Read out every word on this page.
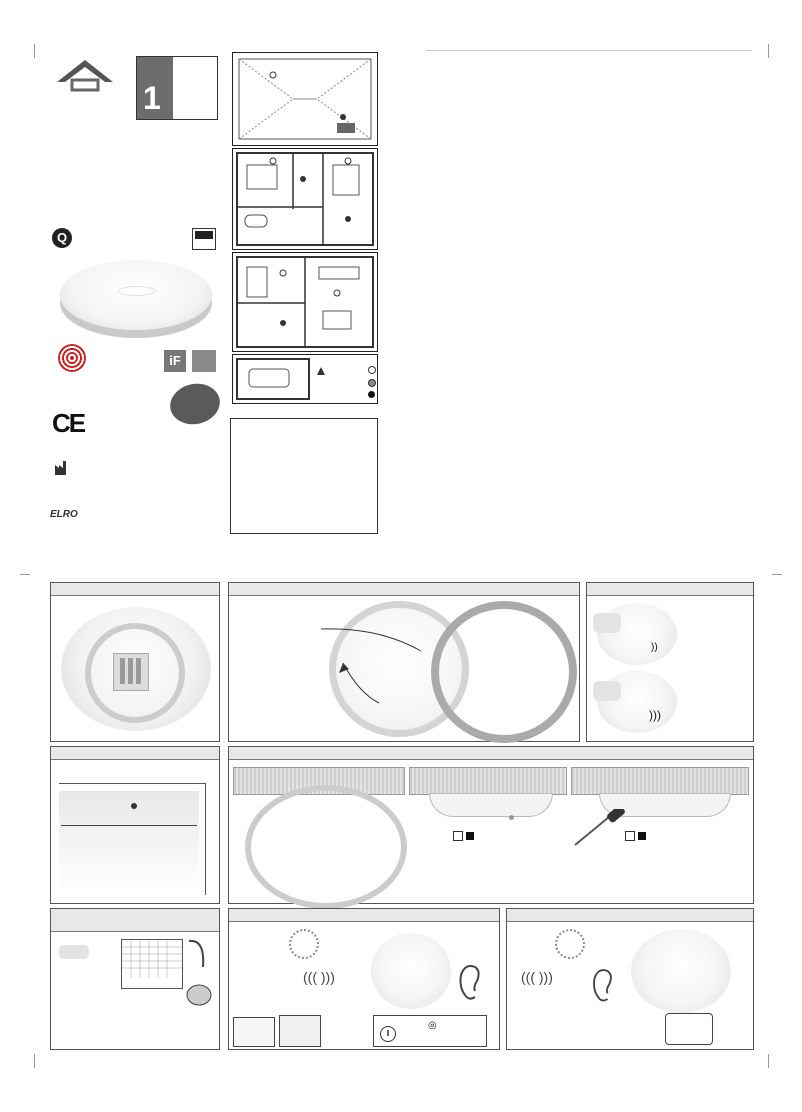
1
Q
iF
CE
ELRO
))
)))

((( )))
‖
◎
((( )))
